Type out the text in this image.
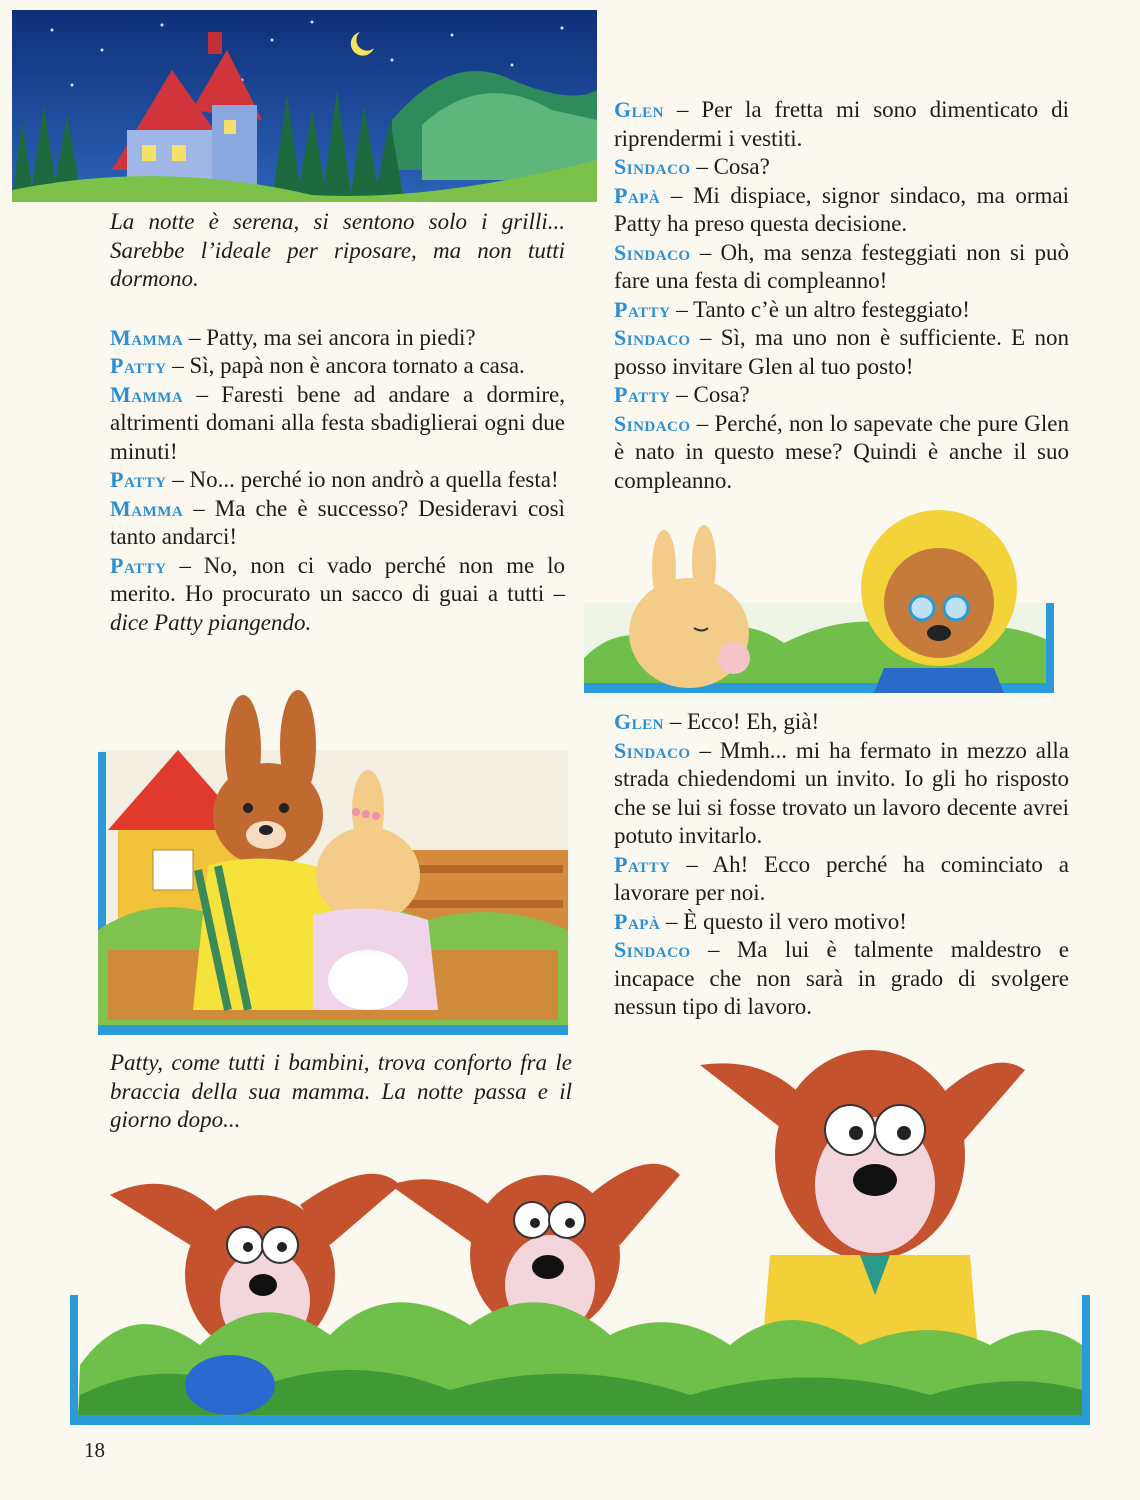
La notte è serena, si sentono solo i grilli... Sarebbe l’ideale per riposare, ma non tutti dormono.

Mamma – Patty, ma sei ancora in piedi?

Patty – Sì, papà non è ancora tornato a casa.

Mamma – Faresti bene ad andare a dormire, altrimenti domani alla festa sbadiglierai ogni due minuti!

Patty – No... perché io non andrò a quella festa!

Mamma – Ma che è successo? Desideravi così tanto andarci!

Patty – No, non ci vado perché non me lo merito. Ho procurato un sacco di guai a tutti – dice Patty piangendo.

Patty, come tutti i bambini, trova conforto fra le braccia della sua mamma. La notte passa e il giorno dopo...

Glen – Per la fretta mi sono dimenticato di riprendermi i vestiti.

Sindaco – Cosa?

Papà – Mi dispiace, signor sindaco, ma ormai Patty ha preso questa decisione.

Sindaco – Oh, ma senza festeggiati non si può fare una festa di compleanno!

Patty – Tanto c’è un altro festeggiato!

Sindaco – Sì, ma uno non è sufficiente. E non posso invitare Glen al tuo posto!

Patty – Cosa?

Sindaco – Perché, non lo sapevate che pure Glen è nato in questo mese? Quindi è anche il suo compleanno.

Glen – Ecco! Eh, già!

Sindaco – Mmh... mi ha fermato in mezzo alla strada chiedendomi un invito. Io gli ho risposto che se lui si fosse trovato un lavoro decente avrei potuto invitarlo.

Patty – Ah! Ecco perché ha cominciato a lavorare per noi.

Papà – È questo il vero motivo!

Sindaco – Ma lui è talmente maldestro e incapace che non sarà in grado di svolgere nessun tipo di lavoro.

18
